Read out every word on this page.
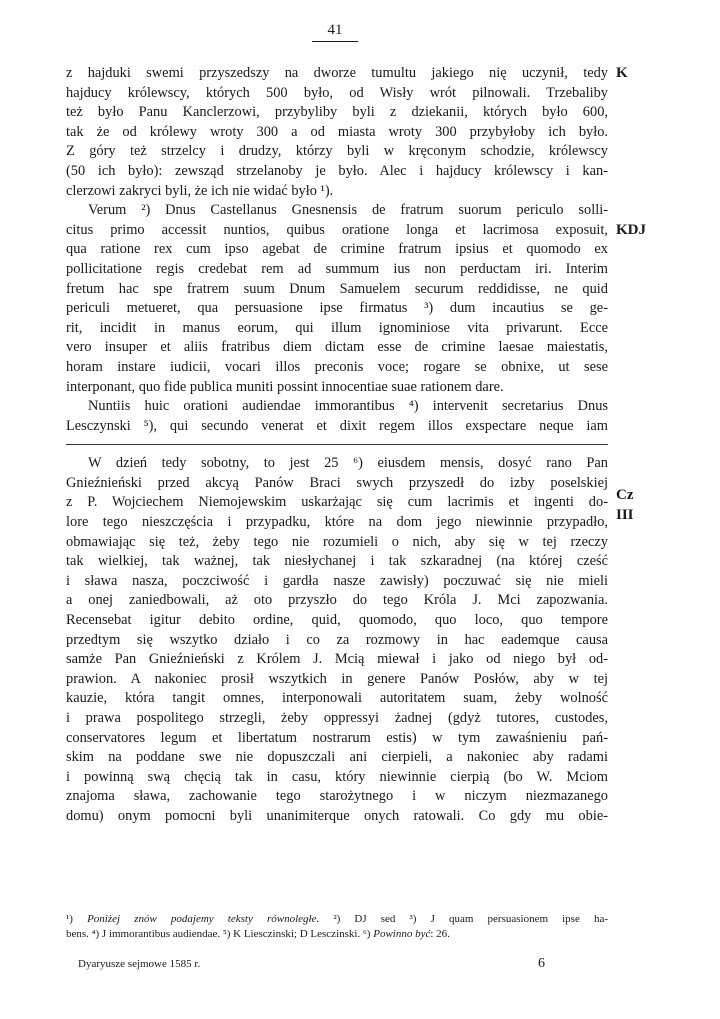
41

z hajduki swemi przyszedszy na dworze tumultu jakiego nię uczynił, tedy
hajducy królewscy, których 500 było, od Wisły wrót pilnowali. Trzebaliby
też było Panu Kanclerzowi, przybyliby byli z dziekanii, których było 600,
tak że od królewy wroty 300 a od miasta wroty 300 przybyłoby ich było.
Z góry też strzelcy i drudzy, którzy byli w kręconym schodzie, królewscy
(50 ich było): zewsząd strzelanoby je było. Alec i hajducy królewscy i kan-
clerzowi zakryci byli, że ich nie widać było ¹).

Verum ²) Dnus Castellanus Gnesnensis de fratrum suorum periculo solli-
citus primo accessit nuntios, quibus oratione longa et lacrimosa exposuit,
qua ratione rex cum ipso agebat de crimine fratrum ipsius et quomodo ex
pollicitatione regis credebat rem ad summum ius non perductam iri. Interim
fretum hac spe fratrem suum Dnum Samuelem securum reddidisse, ne quid
periculi metueret, qua persuasione ipse firmatus ³) dum incautius se ge-
rit, incidit in manus eorum, qui illum ignominiose vita privarunt. Ecce
vero insuper et aliis fratribus diem dictam esse de crimine laesae maiestatis,
horam instare iudicii, vocari illos preconis voce; rogare se obnixe, ut sese
interponant, quo fide publica muniti possint innocentiae suae rationem dare.

Nuntiis huic orationi audiendae immorantibus ⁴) intervenit secretarius Dnus
Lesczynski ⁵), qui secundo venerat et dixit regem illos exspectare neque iam

W dzień tedy sobotny, to jest 25 ⁶) eiusdem mensis, dosyć rano Pan
Gnieźnieński przed akcyą Panów Braci swych przyszedł do izby poselskiej
z P. Wojciechem Niemojewskim uskarżając się cum lacrimis et ingenti do-
lore tego nieszczęścia i przypadku, które na dom jego niewinnie przypadło,
obmawiając się też, żeby tego nie rozumieli o nich, aby się w tej rzeczy
tak wielkiej, tak ważnej, tak niesłychanej i tak szkaradnej (na której cześć
i sława nasza, poczciwość i gardła nasze zawisły) poczuwać się nie mieli
a onej zaniedbowali, aż oto przyszło do tego Króla J. Mci zapozwania.
Recensebat igitur debito ordine, quid, quomodo, quo loco, quo tempore
przedtym się wszytko działo i co za rozmowy in hac eademque causa
samże Pan Gnieźnieński z Królem J. Mcią miewał i jako od niego był od-
prawion. A nakoniec prosił wszytkich in genere Panów Posłów, aby w tej
kauzie, która tangit omnes, interponowali autoritatem suam, żeby wolność
i prawa pospolitego strzegli, żeby oppressyi żadnej (gdyż tutores, custodes,
conservatores legum et libertatum nostrarum estis) w tym zawaśnieniu pań-
skim na poddane swe nie dopuszczali ani cierpieli, a nakoniec aby radami
i powinną swą chęcią tak in casu, który niewinnie cierpią (bo W. Mciom
znajoma sława, zachowanie tego starożytnego i w niczym niezmazanego
domu) onym pomocni byli unanimiterque onych ratowali. Co gdy mu obie-

K
KDJ
Cz
III
¹) Poniżej znów podajemy teksty równoległe. ²) DJ sed ³) J quam persuasionem ipse ha-
bens. ⁴) J immorantibus audiendae. ⁵) K Liesczinski; D Lesczinski. ⁶) Powinno być: 26.
Dyaryusze sejmowe 1585 r.	6
